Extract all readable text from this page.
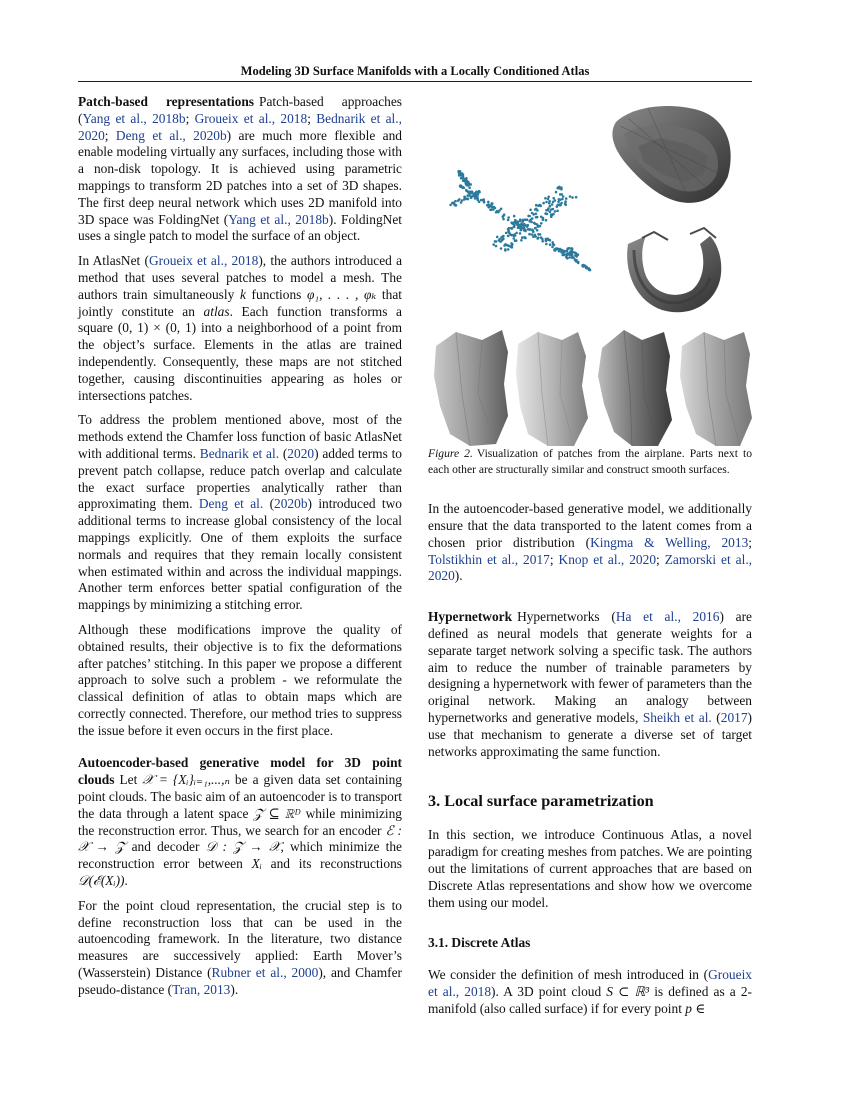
Modeling 3D Surface Manifolds with a Locally Conditioned Atlas

Patch-based representations Patch-based approaches (Yang et al., 2018b; Groueix et al., 2018; Bednarik et al., 2020; Deng et al., 2020b) are much more flexible and enable modeling virtually any surfaces, including those with a non-disk topology. It is achieved using parametric mappings to transform 2D patches into a set of 3D shapes. The first deep neural network which uses 2D manifold into 3D space was FoldingNet (Yang et al., 2018b). FoldingNet uses a single patch to model the surface of an object.

In AtlasNet (Groueix et al., 2018), the authors introduced a method that uses several patches to model a mesh. The authors train simultaneously k functions φ₁, . . . , φₖ that jointly constitute an atlas. Each function transforms a square (0, 1) × (0, 1) into a neighborhood of a point from the object’s surface. Elements in the atlas are trained independently. Consequently, these maps are not stitched together, causing discontinuities appearing as holes or intersections patches.

To address the problem mentioned above, most of the methods extend the Chamfer loss function of basic AtlasNet with additional terms. Bednarik et al. (2020) added terms to prevent patch collapse, reduce patch overlap and calculate the exact surface properties analytically rather than approximating them. Deng et al. (2020b) introduced two additional terms to increase global consistency of the local mappings explicitly. One of them exploits the surface normals and requires that they remain locally consistent when estimated within and across the individual mappings. Another term enforces better spatial configuration of the mappings by minimizing a stitching error.

Although these modifications improve the quality of obtained results, their objective is to fix the deformations after patches’ stitching. In this paper we propose a different approach to solve such a problem - we reformulate the classical definition of atlas to obtain maps which are correctly connected. Therefore, our method tries to suppress the issue before it even occurs in the first place.

Autoencoder-based generative model for 3D point clouds Let 𝒳 = {Xᵢ}ᵢ₌₁,...,ₙ be a given data set containing point clouds. The basic aim of an autoencoder is to transport the data through a latent space 𝒵 ⊆ ℝᴰ while minimizing the reconstruction error. Thus, we search for an encoder ℰ : 𝒳 → 𝒵 and decoder 𝒟 : 𝒵 → 𝒳, which minimize the reconstruction error between Xᵢ and its reconstructions 𝒟(ℰ(Xᵢ)).

For the point cloud representation, the crucial step is to define reconstruction loss that can be used in the autoencoding framework. In the literature, two distance measures are successively applied: Earth Mover’s (Wasserstein) Distance (Rubner et al., 2000), and Chamfer pseudo-distance (Tran, 2013).

Figure 2. Visualization of patches from the airplane. Parts next to each other are structurally similar and construct smooth surfaces.

In the autoencoder-based generative model, we additionally ensure that the data transported to the latent comes from a chosen prior distribution (Kingma & Welling, 2013; Tolstikhin et al., 2017; Knop et al., 2020; Zamorski et al., 2020).

Hypernetwork Hypernetworks (Ha et al., 2016) are defined as neural models that generate weights for a separate target network solving a specific task. The authors aim to reduce the number of trainable parameters by designing a hypernetwork with fewer of parameters than the original network. Making an analogy between hypernetworks and generative models, Sheikh et al. (2017) use that mechanism to generate a diverse set of target networks approximating the same function.

3. Local surface parametrization

In this section, we introduce Continuous Atlas, a novel paradigm for creating meshes from patches. We are pointing out the limitations of current approaches that are based on Discrete Atlas representations and show how we overcome them using our model.

3.1. Discrete Atlas

We consider the definition of mesh introduced in (Groueix et al., 2018). A 3D point cloud S ⊂ ℝ³ is defined as a 2-manifold (also called surface) if for every point p ∈
